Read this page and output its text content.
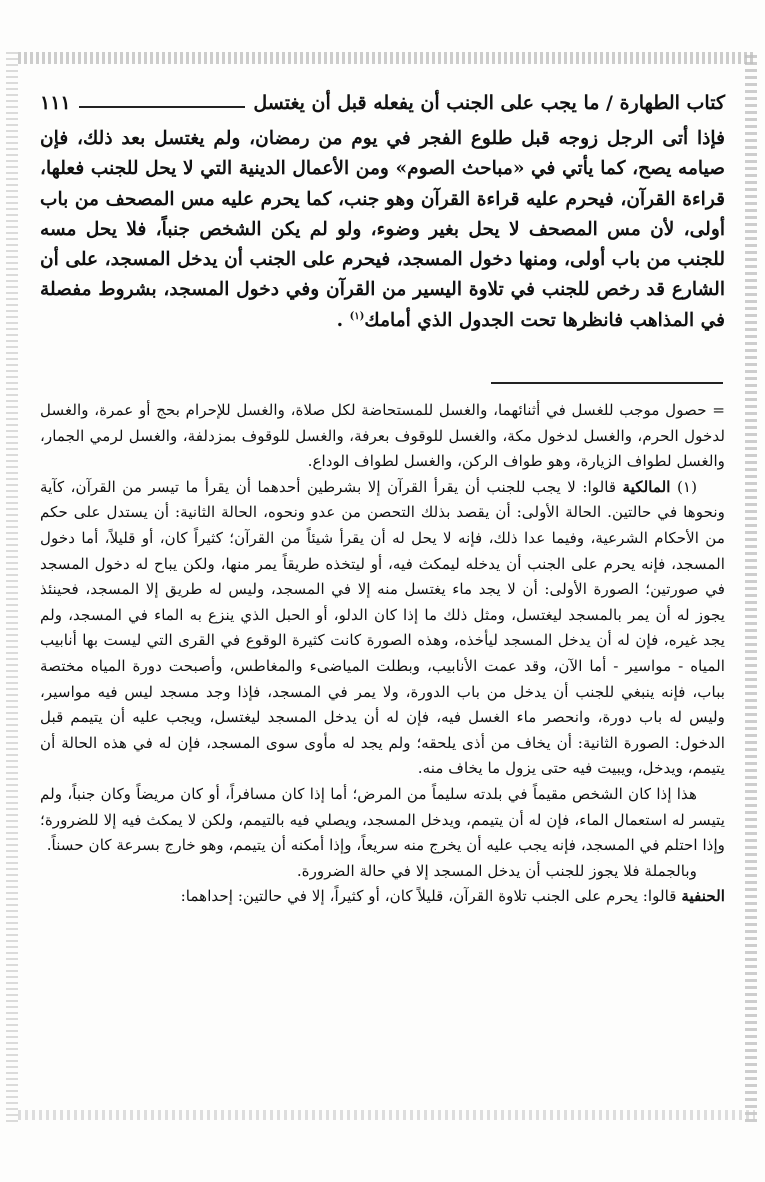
كتاب الطهارة / ما يجب على الجنب أن يفعله قبل أن يغتسل
١١١

فإذا أتى الرجل زوجه قبل طلوع الفجر في يوم من رمضان، ولم يغتسل بعد ذلك، فإن صيامه يصح، كما يأتي في «مباحث الصوم» ومن الأعمال الدينية التي لا يحل للجنب فعلها، قراءة القرآن، فيحرم عليه قراءة القرآن وهو جنب، كما يحرم عليه مس المصحف من باب أولى، لأن مس المصحف لا يحل بغير وضوء، ولو لم يكن الشخص جنباً، فلا يحل مسه للجنب من باب أولى، ومنها دخول المسجد، فيحرم على الجنب أن يدخل المسجد، على أن الشارع قد رخص للجنب في تلاوة اليسير من القرآن وفي دخول المسجد، بشروط مفصلة في المذاهب فانظرها تحت الجدول الذي أمامك$^{(١)}$ .

= حصول موجب للغسل في أثنائهما، والغسل للمستحاضة لكل صلاة، والغسل للإحرام بحج أو عمرة، والغسل لدخول الحرم، والغسل لدخول مكة، والغسل للوقوف بعرفة، والغسل للوقوف بمزدلفة، والغسل لرمي الجمار، والغسل لطواف الزيارة، وهو طواف الركن، والغسل لطواف الوداع.

(١) المالكية قالوا: لا يجب للجنب أن يقرأ القرآن إلا بشرطين أحدهما أن يقرأ ما تيسر من القرآن، كآية ونحوها في حالتين. الحالة الأولى: أن يقصد بذلك التحصن من عدو ونحوه، الحالة الثانية: أن يستدل على حكم من الأحكام الشرعية، وفيما عدا ذلك، فإنه لا يحل له أن يقرأ شيئاً من القرآن؛ كثيراً كان، أو قليلاً، أما دخول المسجد، فإنه يحرم على الجنب أن يدخله ليمكث فيه، أو ليتخذه طريقاً يمر منها، ولكن يباح له دخول المسجد في صورتين؛ الصورة الأولى: أن لا يجد ماء يغتسل منه إلا في المسجد، وليس له طريق إلا المسجد، فحينئذ يجوز له أن يمر بالمسجد ليغتسل، ومثل ذلك ما إذا كان الدلو، أو الحبل الذي ينزع به الماء في المسجد، ولم يجد غيره، فإن له أن يدخل المسجد ليأخذه، وهذه الصورة كانت كثيرة الوقوع في القرى التي ليست بها أنابيب المياه - مواسير - أما الآن، وقد عمت الأنابيب، وبطلت المياضىء والمغاطس، وأصبحت دورة المياه مختصة بباب، فإنه ينبغي للجنب أن يدخل من باب الدورة، ولا يمر في المسجد، فإذا وجد مسجد ليس فيه مواسير، وليس له باب دورة، وانحصر ماء الغسل فيه، فإن له أن يدخل المسجد ليغتسل، ويجب عليه أن يتيمم قبل الدخول: الصورة الثانية: أن يخاف من أذى يلحقه؛ ولم يجد له مأوى سوى المسجد، فإن له في هذه الحالة أن يتيمم، ويدخل، ويبيت فيه حتى يزول ما يخاف منه.

هذا إذا كان الشخص مقيماً في بلدته سليماً من المرض؛ أما إذا كان مسافراً، أو كان مريضاً وكان جنباً، ولم يتيسر له استعمال الماء، فإن له أن يتيمم، ويدخل المسجد، ويصلي فيه بالتيمم، ولكن لا يمكث فيه إلا للضرورة؛ وإذا احتلم في المسجد، فإنه يجب عليه أن يخرج منه سريعاً، وإذا أمكنه أن يتيمم، وهو خارج بسرعة كان حسناً.

وبالجملة فلا يجوز للجنب أن يدخل المسجد إلا في حالة الضرورة.

الحنفية قالوا: يحرم على الجنب تلاوة القرآن، قليلاً كان، أو كثيراً، إلا في حالتين: إحداهما:
